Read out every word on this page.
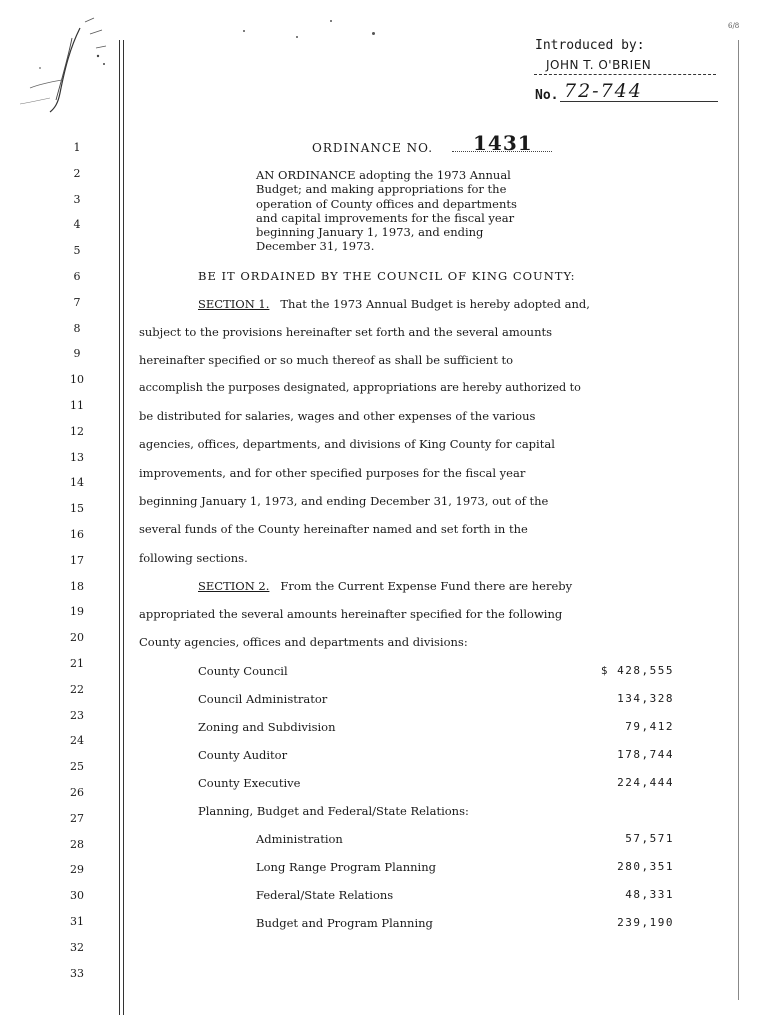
6/8
Introduced by:
JOHN T. O'BRIEN
No. 72-744
1
2
3
4
5
6
7
8
9
10
11
12
13
14
15
16
17
18
19
20
21
22
23
24
25
26
27
28
29
30
31
32
33
ORDINANCE NO. 1431
AN ORDINANCE adopting the 1973 Annual
Budget; and making appropriations for the
operation of County offices and departments
and capital improvements for the fiscal year
beginning January 1, 1973, and ending
December 31, 1973.
BE IT ORDAINED BY THE COUNCIL OF KING COUNTY:
SECTION 1. That the 1973 Annual Budget is hereby adopted and,
subject to the provisions hereinafter set forth and the several amounts
hereinafter specified or so much thereof as shall be sufficient to
accomplish the purposes designated, appropriations are hereby authorized to
be distributed for salaries, wages and other expenses of the various
agencies, offices, departments, and divisions of King County for capital
improvements, and for other specified purposes for the fiscal year
beginning January 1, 1973, and ending December 31, 1973, out of the
several funds of the County hereinafter named and set forth in the
following sections.
SECTION 2. From the Current Expense Fund there are hereby
appropriated the several amounts hereinafter specified for the following
County agencies, offices and departments and divisions:
County Council	$ 428,555
Council Administrator	134,328
Zoning and Subdivision	79,412
County Auditor	178,744
County Executive	224,444
Planning, Budget and Federal/State Relations:
Administration	57,571
Long Range Program Planning	280,351
Federal/State Relations	48,331
Budget and Program Planning	239,190
